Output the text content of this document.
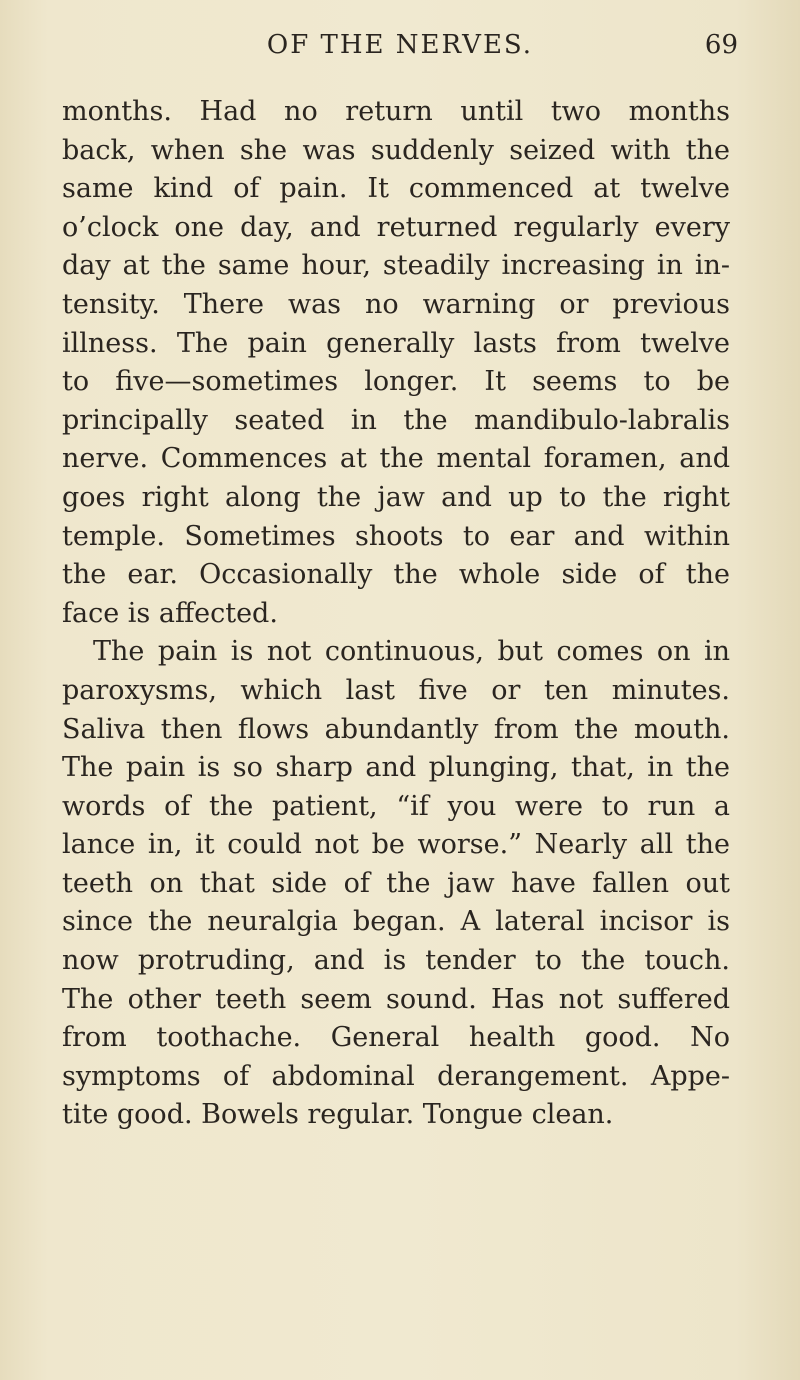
OF THE NERVES.	69
months. Had no return until two months
back, when she was suddenly seized with the
same kind of pain. It commenced at twelve
o’clock one day, and returned regularly every
day at the same hour, steadily increasing in in-
tensity. There was no warning or previous
illness. The pain generally lasts from twelve
to five—sometimes longer. It seems to be
principally seated in the mandibulo-labralis
nerve. Commences at the mental foramen, and
goes right along the jaw and up to the right
temple. Sometimes shoots to ear and within
the ear. Occasionally the whole side of the
face is affected.
The pain is not continuous, but comes on in
paroxysms, which last five or ten minutes.
Saliva then flows abundantly from the mouth.
The pain is so sharp and plunging, that, in the
words of the patient, “if you were to run a
lance in, it could not be worse.” Nearly all the
teeth on that side of the jaw have fallen out
since the neuralgia began. A lateral incisor is
now protruding, and is tender to the touch.
The other teeth seem sound. Has not suffered
from toothache. General health good. No
symptoms of abdominal derangement. Appe-
tite good. Bowels regular. Tongue clean.
